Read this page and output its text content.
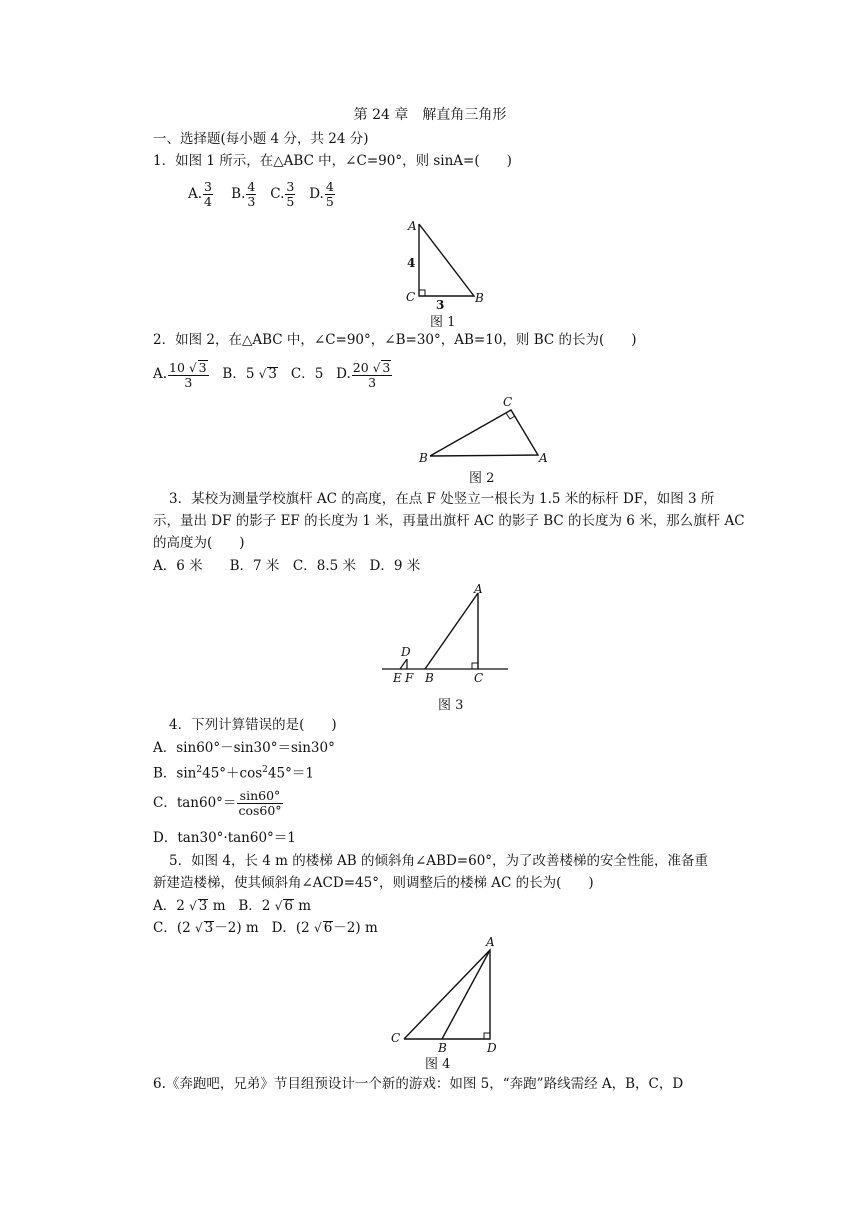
第 24 章　解直角三角形
一、选择题(每小题 4 分，共 24 分)
1．如图 1 所示，在△ABC 中，∠C=90°，则 sinA=(　　)
A. $\frac{3}{4} B$. $\frac{4}{3} C$. $\frac{3}{5} D$. $\frac{4}{5}$
A
C	B
4
3
图 1
2．如图 2，在△ABC 中，∠C=90°，∠B=30°，AB=10，则 BC 的长为(　　)
A. $\frac{10 √ 3}{3}$ B．5 √ 3 C．5 D. $\frac{20 √ 3}{3}$
C
B	A
图 2
3．某校为测量学校旗杆 AC 的高度，在点 F 处竖立一根长为 1.5 米的标杆 DF，如图 3 所
示，量出 DF 的影子 EF 的长度为 1 米，再量出旗杆 AC 的影子 BC 的长度为 6 米，那么旗杆 AC
的高度为(　　)
A．6 米　　B．7 米　C．8.5 米　D．9 米
A
D
E F B	C
图 3
4．下列计算错误的是(　　)
A．sin60°－sin30°＝sin30°
B．$\sin^245^\circ+\cos^245^\circ=1$
C．$\tan 60^\circ= \frac{\sin 60^\circ}{\cos 60^\circ}$
D．tan30°·tan60°＝1
5．如图 4，长 4 m 的楼梯 AB 的倾斜角∠ABD=60°，为了改善楼梯的安全性能，准备重
新建造楼梯，使其倾斜角∠ACD=45°，则调整后的楼梯 AC 的长为(　　)
A．2 √ 3 m B．2 √ 6 m
C．(2 √ 3－2) m D．(2 √ 6－2) m
A
C
B	D
图 4
6.《奔跑吧，兄弟》节目组预设计一个新的游戏：如图 5，“奔跑”路线需经 A，B，C，D
